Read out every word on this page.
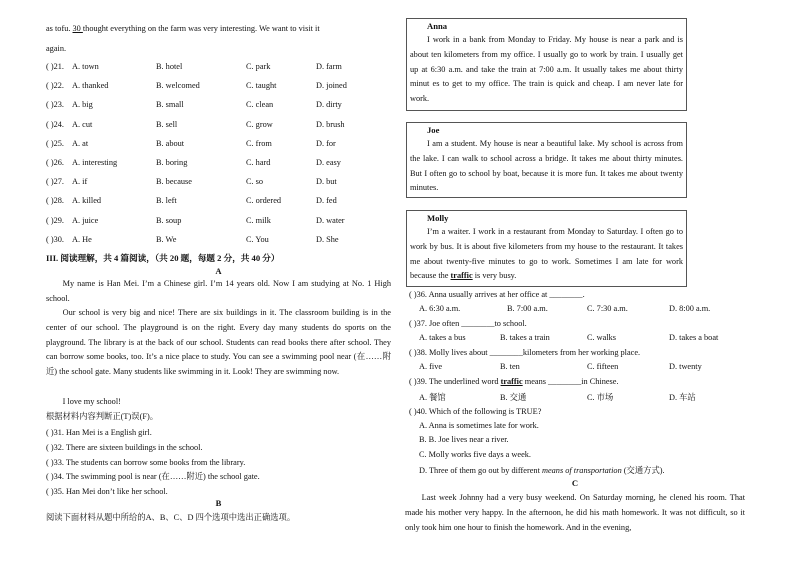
as tofu. 30 thought everything on the farm was very interesting. We want to visit it
again.
( )21. A. town	B. hotel	C. park	D. farm
( )22. A. thanked	B. welcomed	C. taught	D. joined
( )23. A. big	B. small	C. clean	D. dirty
( )24. A. cut	B. sell	C. grow	D. brush
( )25. A. at	B. about	C. from	D. for
( )26. A. interesting	B. boring	C. hard	D. easy
( )27. A. if	B. because	C. so	D. but
( )28. A. killed	B. left	C. ordered	D. fed
( )29. A. juice	B. soup	C. milk	D. water
( )30. A. He	B. We	C. You	D. She
III. 阅读理解，共 4 篇阅读，（共 20 题，每题 2 分，共 40 分）
A
My name is Han Mei. I’m a Chinese girl. I’m 14 years old. Now I am studying at No. 1 High school.
Our school is very big and nice! There are six buildings in it. The classroom building is in the center of our school. The playground is on the right. Every day many students do sports on the playground. The library is at the back of our school. Students can read books there after school. They can borrow some books, too. It’s a nice place to study. You can see a swimming pool near (在……附近) the school gate. Many students like swimming in it. Look! They are swimming now.
I love my school!
根据材料内容判断正(T)误(F)。
( )31. Han Mei is a English girl.
( )32. There are sixteen buildings in the school.
( )33. The students can borrow some books from the library.
( )34. The swimming pool is near (在……附近) the school gate.
( )35. Han Mei don’t like her school.
B
阅读下面材料从题中所给的A、B、C、D 四个选项中选出正确选项。
Anna
I work in a bank from Monday to Friday. My house is near a park and is about ten kilometers from my office. I usually go to work by train. I usually get up at 6:30 a.m. and take the train at 7:00 a.m. It usually takes me about thirty minut es to get to my office. The train is quick and cheap. I am never late for work.
Joe
I am a student. My house is near a beautiful lake. My school is across from the lake. I can walk to school across a bridge. It takes me about thirty minutes. But I often go to school by boat, because it is more fun. It takes me about twenty minutes.
Molly
I’m a waiter. I work in a restaurant from Monday to Saturday. I often go to work by bus. It is about five kilometers from my house to the restaurant. It takes me about twenty-five minutes to go to work. Sometimes I am late for work because the traffic is very busy.
( )36. Anna usually arrives at her office at ________.
A. 6:30 a.m.	B. 7:00 a.m.	C. 7:30 a.m.	D. 8:00 a.m.
( )37. Joe often ________to school.
A. takes a bus	B. takes a train	C. walks	D. takes a boat
( )38. Molly lives about ________kilometers from her working place.
A. five	B. ten	C. fifteen	D. twenty
( )39. The underlined word traffic means ________in Chinese.
A. 餐馆	B. 交通	C. 市场	D. 车站
( )40. Which of the following is TRUE?
A. Anna is sometimes late for work.
B. B. Joe lives near a river.
C. Molly works five days a week.
D. Three of them go out by different means of transportation (交通方式).
C
Last week Johnny had a very busy weekend. On Saturday morning, he clened his room. That made his mother very happy. In the afternoon, he did his math homework. It was not difficult, so it only took him one hour to finish the homework. And in the evening,
